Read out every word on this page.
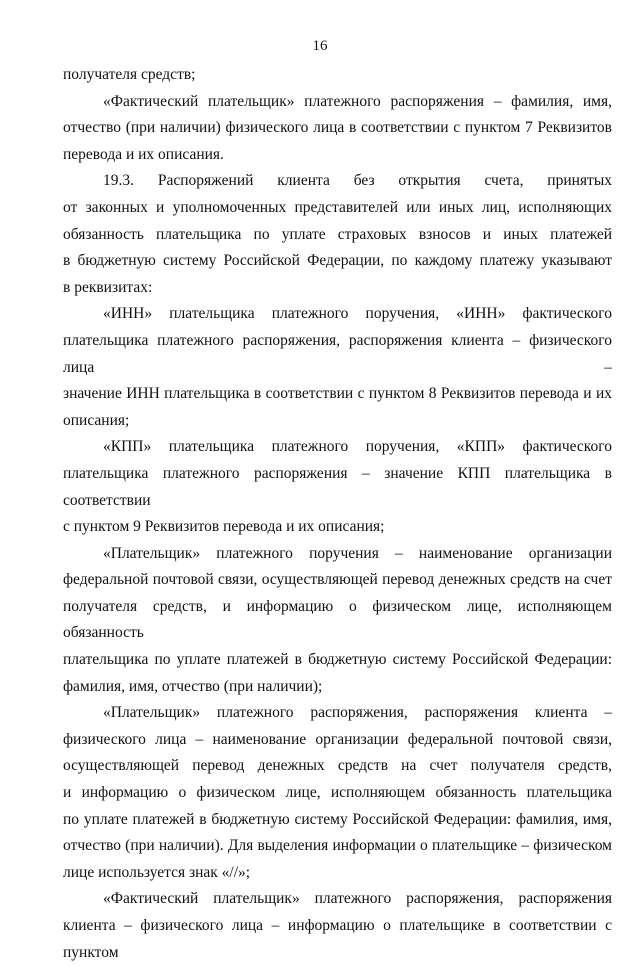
16

получателя средств;

«Фактический плательщик» платежного распоряжения – фамилия, имя,

отчество (при наличии) физического лица в соответствии с пунктом 7 Реквизитов

перевода и их описания.

19.3. Распоряжений клиента без открытия счета, принятых

от законных и уполномоченных представителей или иных лиц, исполняющих

обязанность плательщика по уплате страховых взносов и иных платежей

в бюджетную систему Российской Федерации, по каждому платежу указывают

в реквизитах:

«ИНН» плательщика платежного поручения, «ИНН» фактического

плательщика платежного распоряжения, распоряжения клиента – физического лица –

значение ИНН плательщика в соответствии с пунктом 8 Реквизитов перевода и их

описания;

«КПП» плательщика платежного поручения, «КПП» фактического

плательщика платежного распоряжения – значение КПП плательщика в соответствии

с пунктом 9 Реквизитов перевода и их описания;

«Плательщик» платежного поручения – наименование организации

федеральной почтовой связи, осуществляющей перевод денежных средств на счет

получателя средств, и информацию о физическом лице, исполняющем обязанность

плательщика по уплате платежей в бюджетную систему Российской Федерации:

фамилия, имя, отчество (при наличии);

«Плательщик» платежного распоряжения, распоряжения клиента –

физического лица – наименование организации федеральной почтовой связи,

осуществляющей перевод денежных средств на счет получателя средств,

и информацию о физическом лице, исполняющем обязанность плательщика

по уплате платежей в бюджетную систему Российской Федерации: фамилия, имя,

отчество (при наличии). Для выделения информации о плательщике – физическом

лице используется знак «//»;

«Фактический плательщик» платежного распоряжения, распоряжения

клиента – физического лица – информацию о плательщике в соответствии с пунктом
